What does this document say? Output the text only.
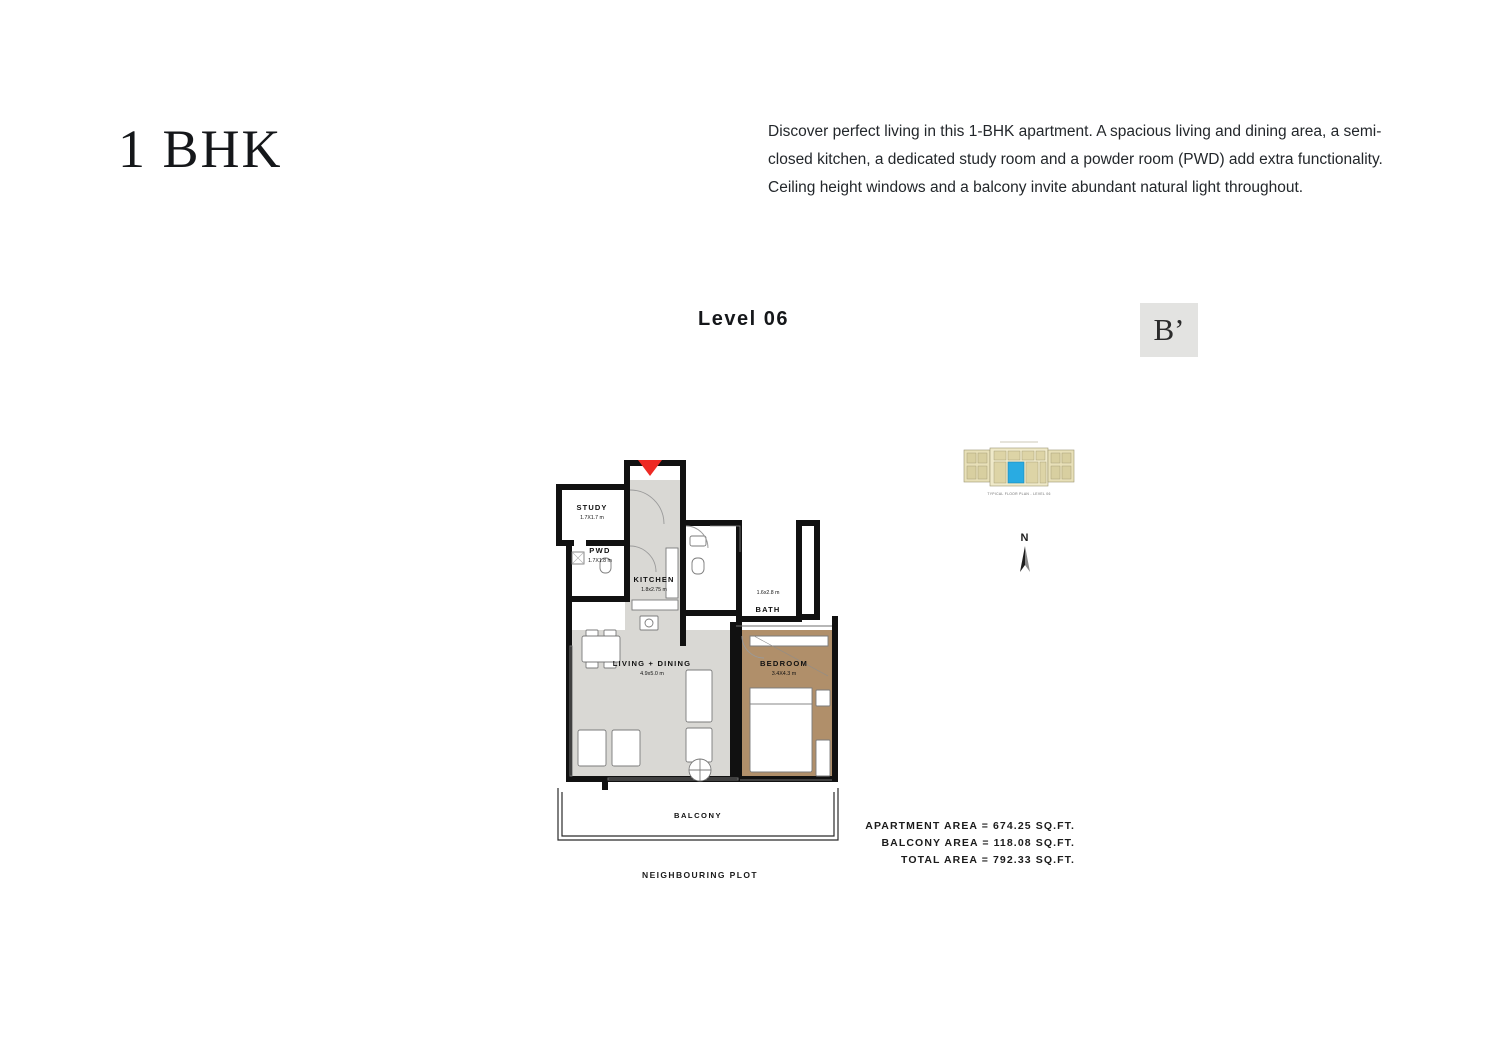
1 BHK	Discover perfect living in this 1-BHK apartment. A spacious living and dining area, a semi-closed kitchen, a dedicated study room and a powder room (PWD) add extra functionality. Ceiling height windows and a balcony invite abundant natural light throughout.
Level 06	B’
TYPICAL FLOOR PLAN - LEVEL 06
N
STUDY
1.7X1.7 m
PWD
1.7X1.8 m
KITCHEN
1.8x2.75 m
BATH
1.6x2.8 m
LIVING + DINING
4.9x5.0 m
BEDROOM
3.4X4.3 m
BALCONY
NEIGHBOURING PLOT
APARTMENT AREA = 674.25 SQ.FT.
BALCONY AREA = 118.08 SQ.FT.
TOTAL AREA = 792.33 SQ.FT.
